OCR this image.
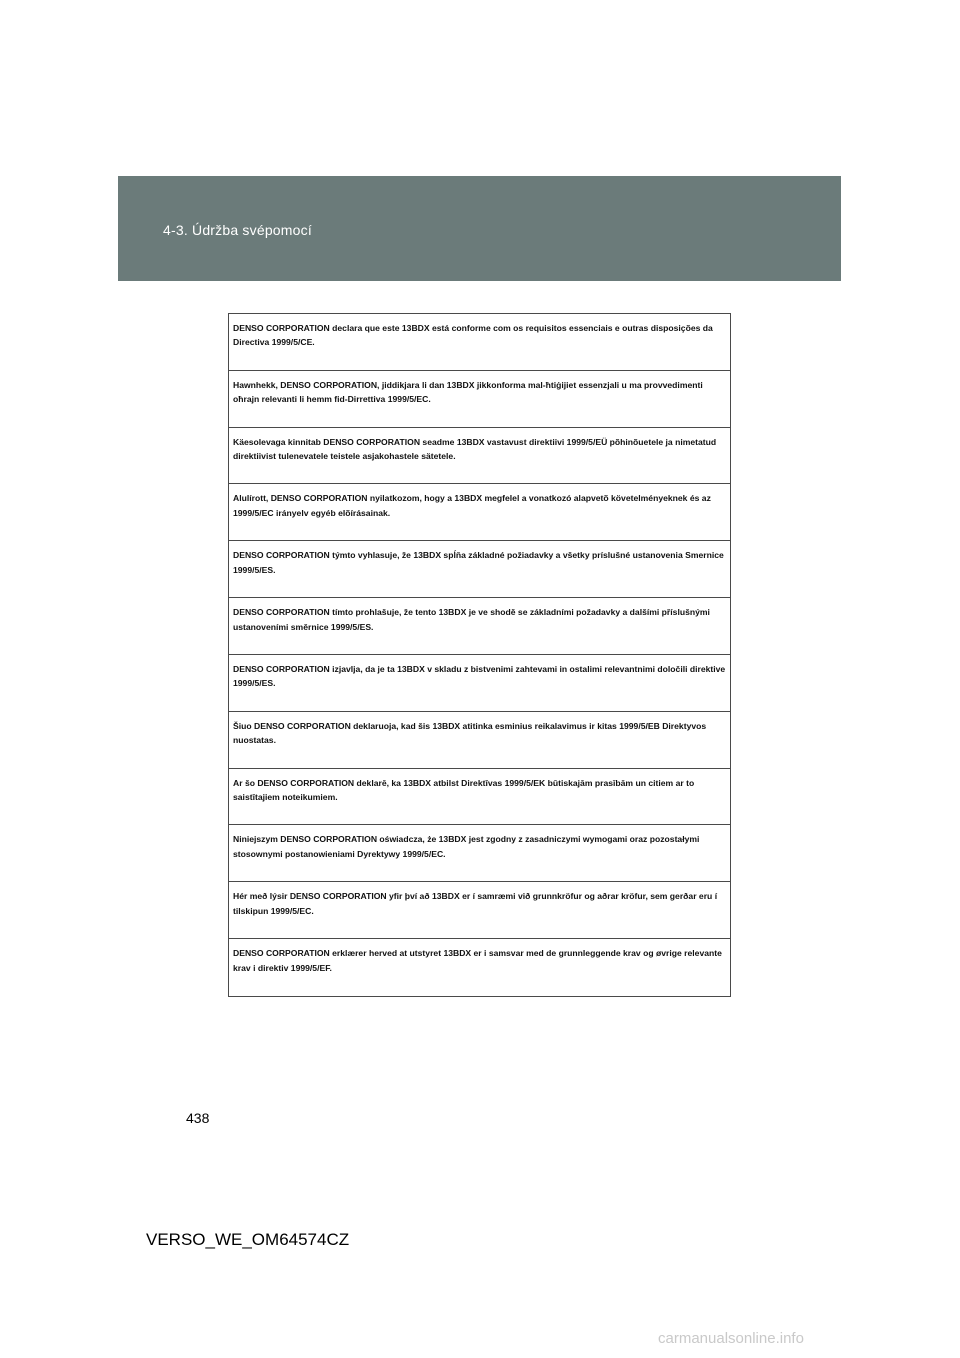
4-3. Údržba svépomocí
DENSO CORPORATION declara que este 13BDX está conforme com os requisitos essenciais e outras disposições da Directiva 1999/5/CE.
Hawnhekk, DENSO CORPORATION, jiddikjara li dan 13BDX jikkonforma mal-ħtiġijiet essenzjali u ma provvedimenti oħrajn relevanti li hemm fid-Dirrettiva 1999/5/EC.
Käesolevaga kinnitab DENSO CORPORATION seadme 13BDX vastavust direktiivi 1999/5/EÜ põhinõuetele ja nimetatud direktiivist tulenevatele teistele asjakohastele sätetele.
Alulírott, DENSO CORPORATION nyilatkozom, hogy a 13BDX megfelel a vonatkozó alapvetõ követelményeknek és az 1999/5/EC irányelv egyéb elõírásainak.
DENSO CORPORATION týmto vyhlasuje, že 13BDX spĺňa základné požiadavky a všetky príslušné ustanovenia Smernice 1999/5/ES.
DENSO CORPORATION tímto prohlašuje, že tento 13BDX je ve shodě se základními požadavky a dalšími příslušnými ustanoveními směrnice 1999/5/ES.
DENSO CORPORATION izjavlja, da je ta 13BDX v skladu z bistvenimi zahtevami in ostalimi relevantnimi določili direktive 1999/5/ES.
Šiuo DENSO CORPORATION deklaruoja, kad šis 13BDX atitinka esminius reikalavimus ir kitas 1999/5/EB Direktyvos nuostatas.
Ar šo DENSO CORPORATION deklarē, ka 13BDX atbilst Direktīvas 1999/5/EK būtiskajām prasībām un citiem ar to saistītajiem noteikumiem.
Niniejszym DENSO CORPORATION oświadcza, że 13BDX jest zgodny z zasadniczymi wymogami oraz pozostałymi stosownymi postanowieniami Dyrektywy 1999/5/EC.
Hér með lýsir DENSO CORPORATION yfir því að 13BDX er í samræmi við grunnkröfur og aðrar kröfur, sem gerðar eru í tilskipun 1999/5/EC.
DENSO CORPORATION erklærer herved at utstyret 13BDX er i samsvar med de grunnleggende krav og øvrige relevante krav i direktiv 1999/5/EF.
438
VERSO_WE_OM64574CZ
carmanualsonline.info
